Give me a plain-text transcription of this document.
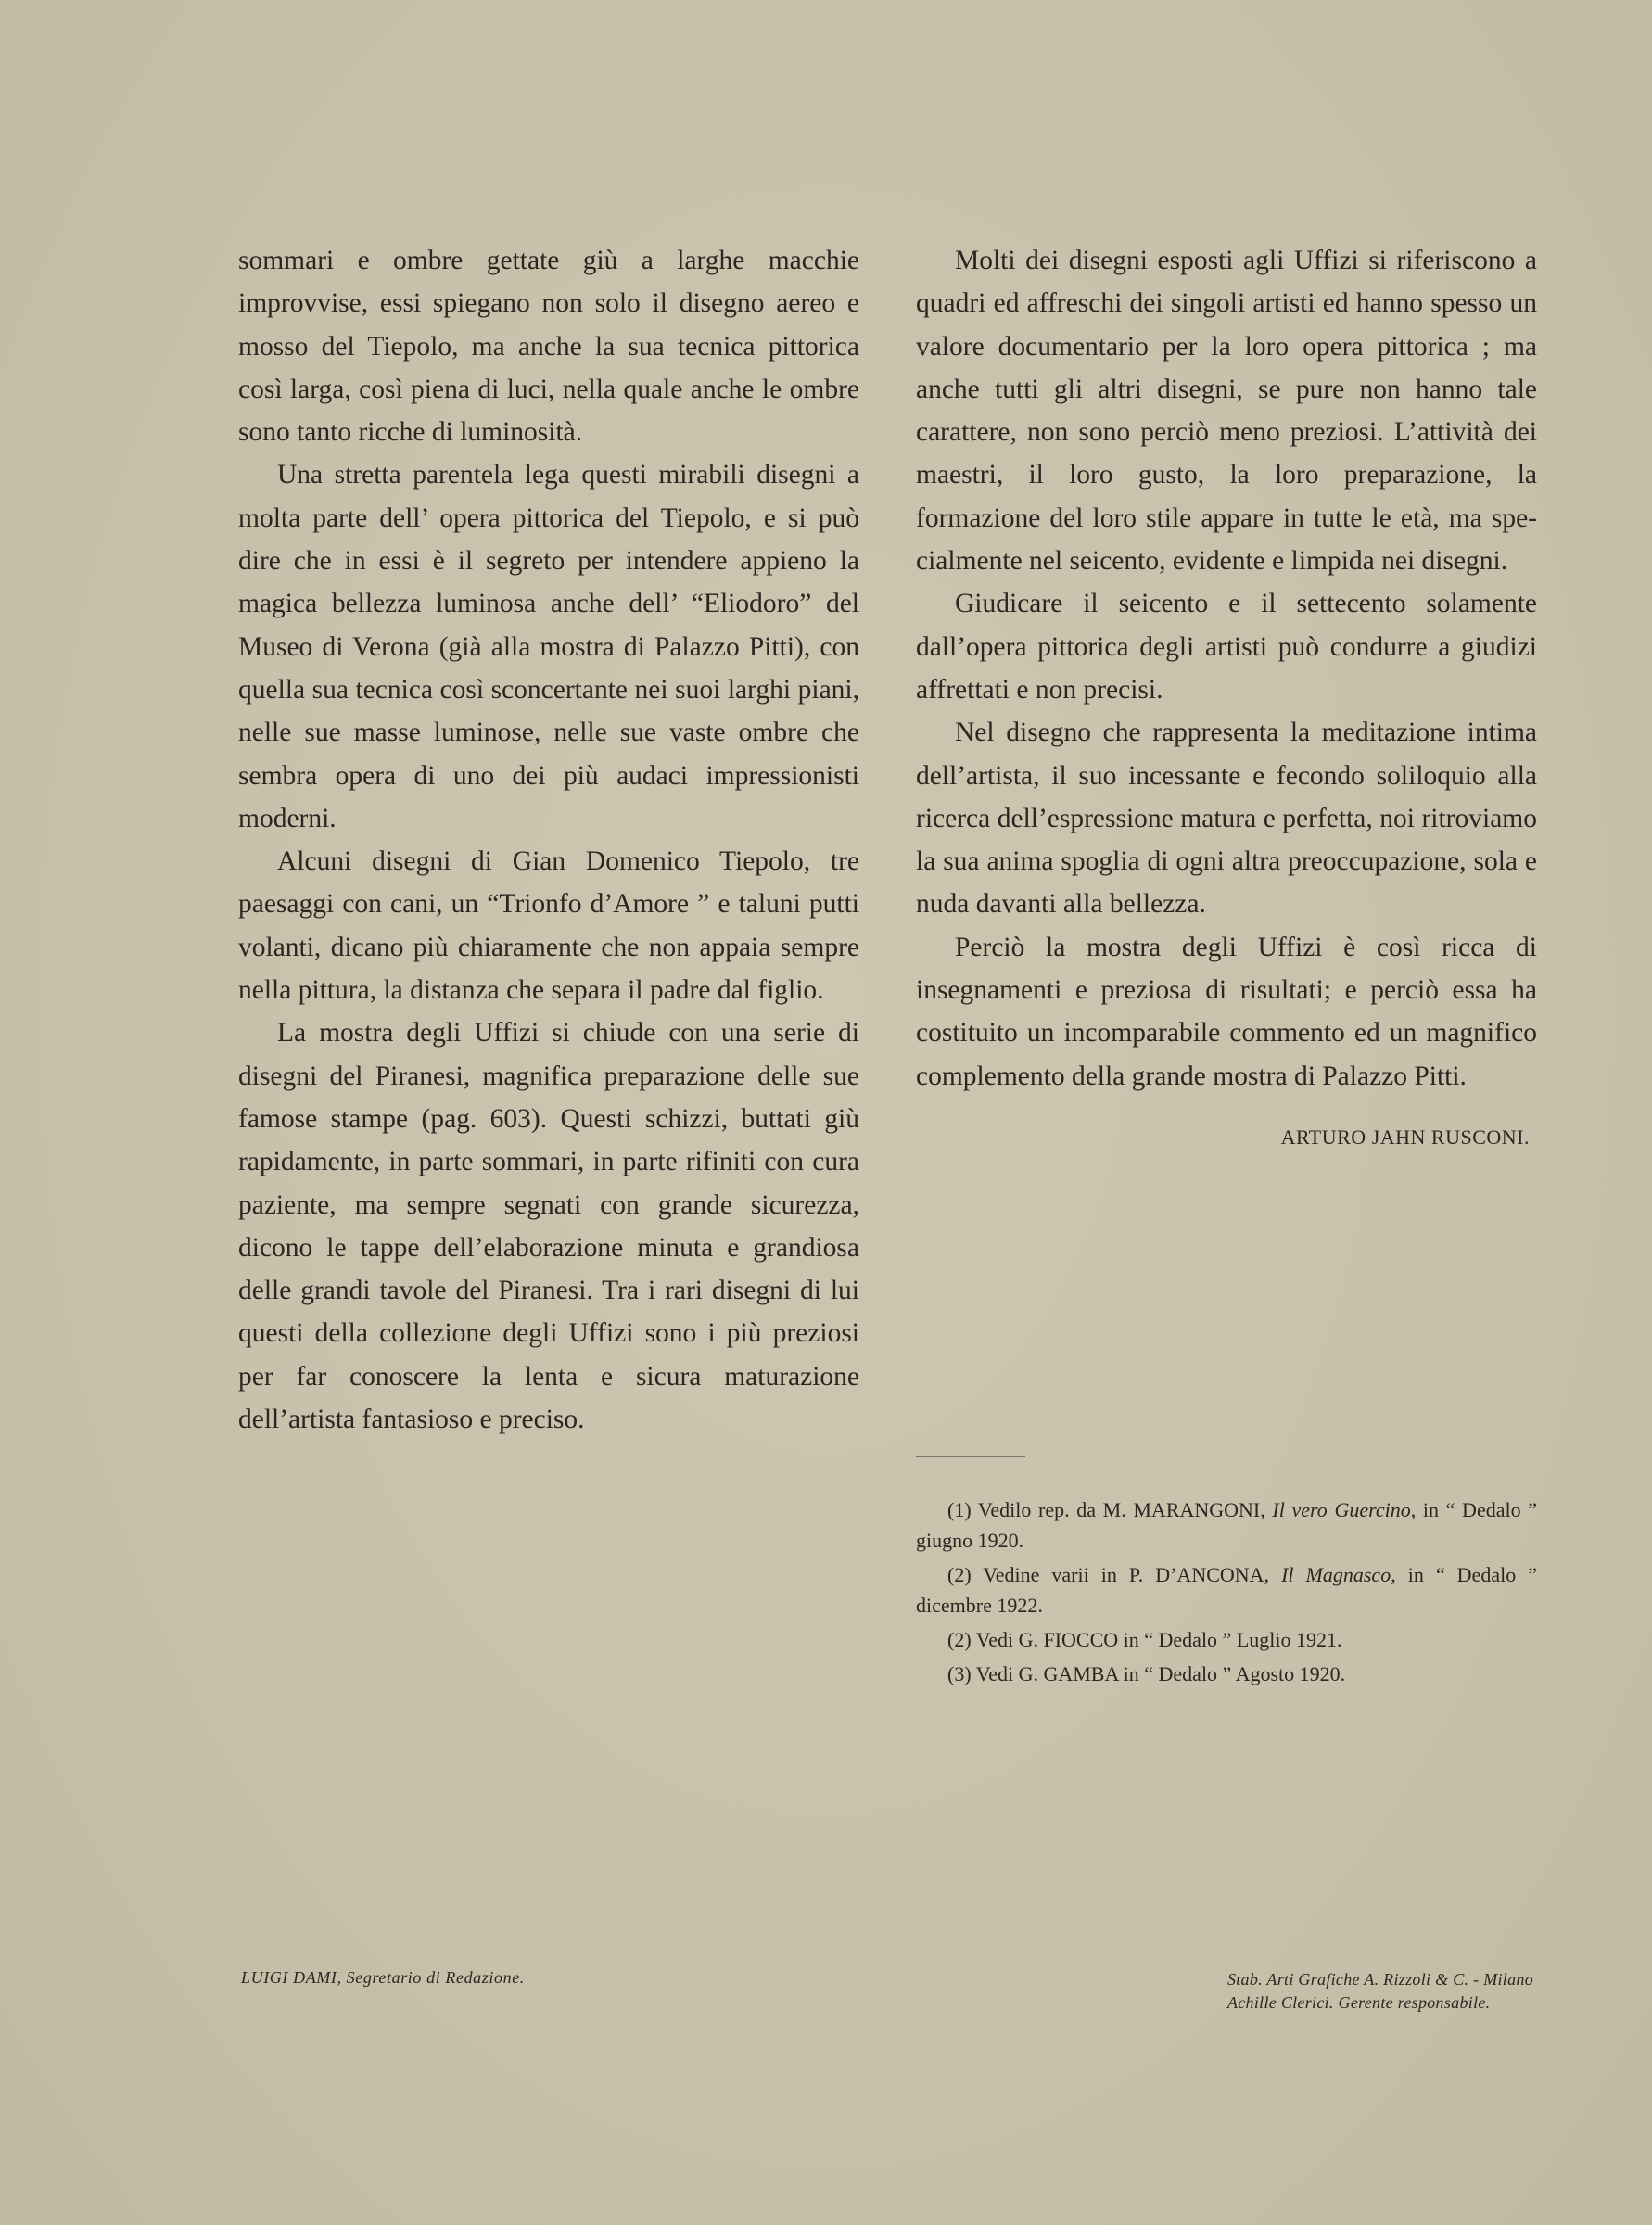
sommari e ombre gettate giù a larghe macchie improvvise, essi spiegano non solo il disegno aereo e mosso del Tiepolo, ma anche la sua tecnica pittorica così larga, così piena di luci, nella quale anche le ombre sono tanto ricche di luminosità.

Una stretta parentela lega questi mirabili disegni a molta parte dell’ opera pittorica del Tiepolo, e si può dire che in essi è il segreto per intendere appieno la magica bellezza luminosa anche dell’ “Eliodoro” del Museo di Verona (già alla mostra di Palazzo Pitti), con quella sua tecnica così sconcertante nei suoi larghi piani, nelle sue masse luminose, nelle sue vaste ombre che sembra opera di uno dei più audaci impressionisti moderni.

Alcuni disegni di Gian Domenico Tiepolo, tre paesaggi con cani, un “Trionfo d’Amore ” e taluni putti volanti, dicano più chiaramente che non appaia sempre nella pittura, la distanza che separa il padre dal figlio.

La mostra degli Uffizi si chiude con una serie di disegni del Piranesi, magnifica preparazione delle sue famose stampe (pag. 603). Questi schizzi, buttati giù rapidamente, in parte sommari, in parte rifiniti con cura paziente, ma sempre segnati con grande sicurezza, dicono le tappe dell’elaborazione minuta e grandiosa delle grandi tavole del Piranesi. Tra i rari disegni di lui questi della collezione degli Uffizi sono i più preziosi per far conoscere la lenta e sicura maturazione dell’artista fantasioso e preciso.

Molti dei disegni esposti agli Uffizi si riferiscono a quadri ed affreschi dei singoli artisti ed hanno spesso un valore documentario per la loro opera pittorica ; ma anche tutti gli altri disegni, se pure non hanno tale carattere, non sono perciò meno preziosi. L’attività dei maestri, il loro gusto, la loro preparazione, la formazione del loro stile appare in tutte le età, ma specialmente nel seicento, evidente e limpida nei disegni.

Giudicare il seicento e il settecento solamente dall’opera pittorica degli artisti può condurre a giudizi affrettati e non precisi.

Nel disegno che rappresenta la meditazione intima dell’artista, il suo incessante e fecondo soliloquio alla ricerca dell’espressione matura e perfetta, noi ritroviamo la sua anima spoglia di ogni altra preoccupazione, sola e nuda davanti alla bellezza.

Perciò la mostra degli Uffizi è così ricca di insegnamenti e preziosa di risultati; e perciò essa ha costituito un incomparabile commento ed un magnifico complemento della grande mostra di Palazzo Pitti.

ARTURO JAHN RUSCONI.

(1) Vedilo rep. da M. MARANGONI, Il vero Guercino, in “ Dedalo ” giugno 1920.

(2) Vedine varii in P. D’ANCONA, Il Magnasco, in “ Dedalo ” dicembre 1922.

(2) Vedi G. FIOCCO in “ Dedalo ” Luglio 1921.

(3) Vedi G. GAMBA in “ Dedalo ” Agosto 1920.

LUIGI DAMI, Segretario di Redazione.	Stab. Arti Grafiche A. Rizzoli & C. - Milano
Achille Clerici. Gerente responsabile.
